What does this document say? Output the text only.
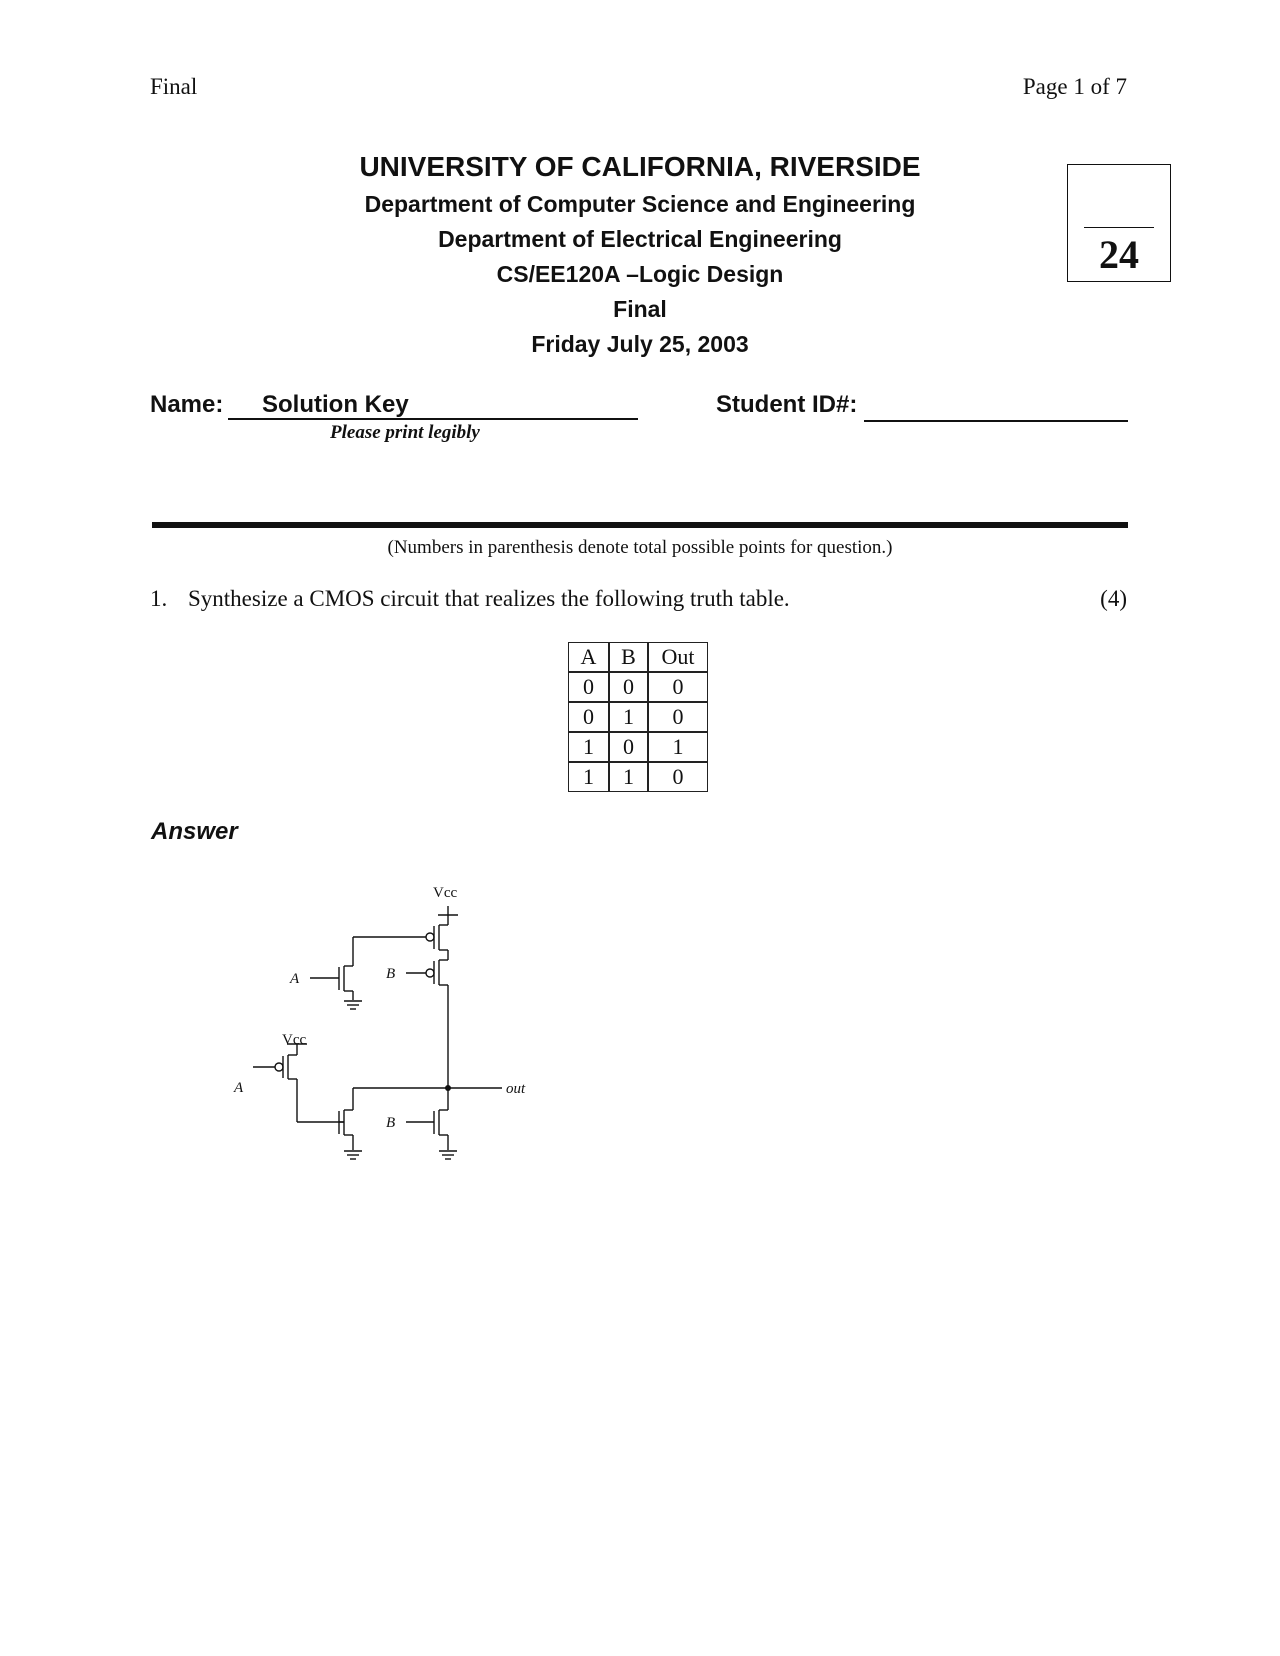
Final	Page 1 of 7
UNIVERSITY OF CALIFORNIA, RIVERSIDE
Department of Computer Science and Engineering
Department of Electrical Engineering
CS/EE120A –Logic Design
Final
Friday July 25, 2003
24
Name:	Solution Key	Student ID#:
Please print legibly
(Numbers in parenthesis denote total possible points for question.)
1. Synthesize a CMOS circuit that realizes the following truth table.	(4)
A	B	Out
0	0	0
0	1	0
1	0	1
1	1	0
Answer
Vcc
Vcc
A	B
A
B
out
